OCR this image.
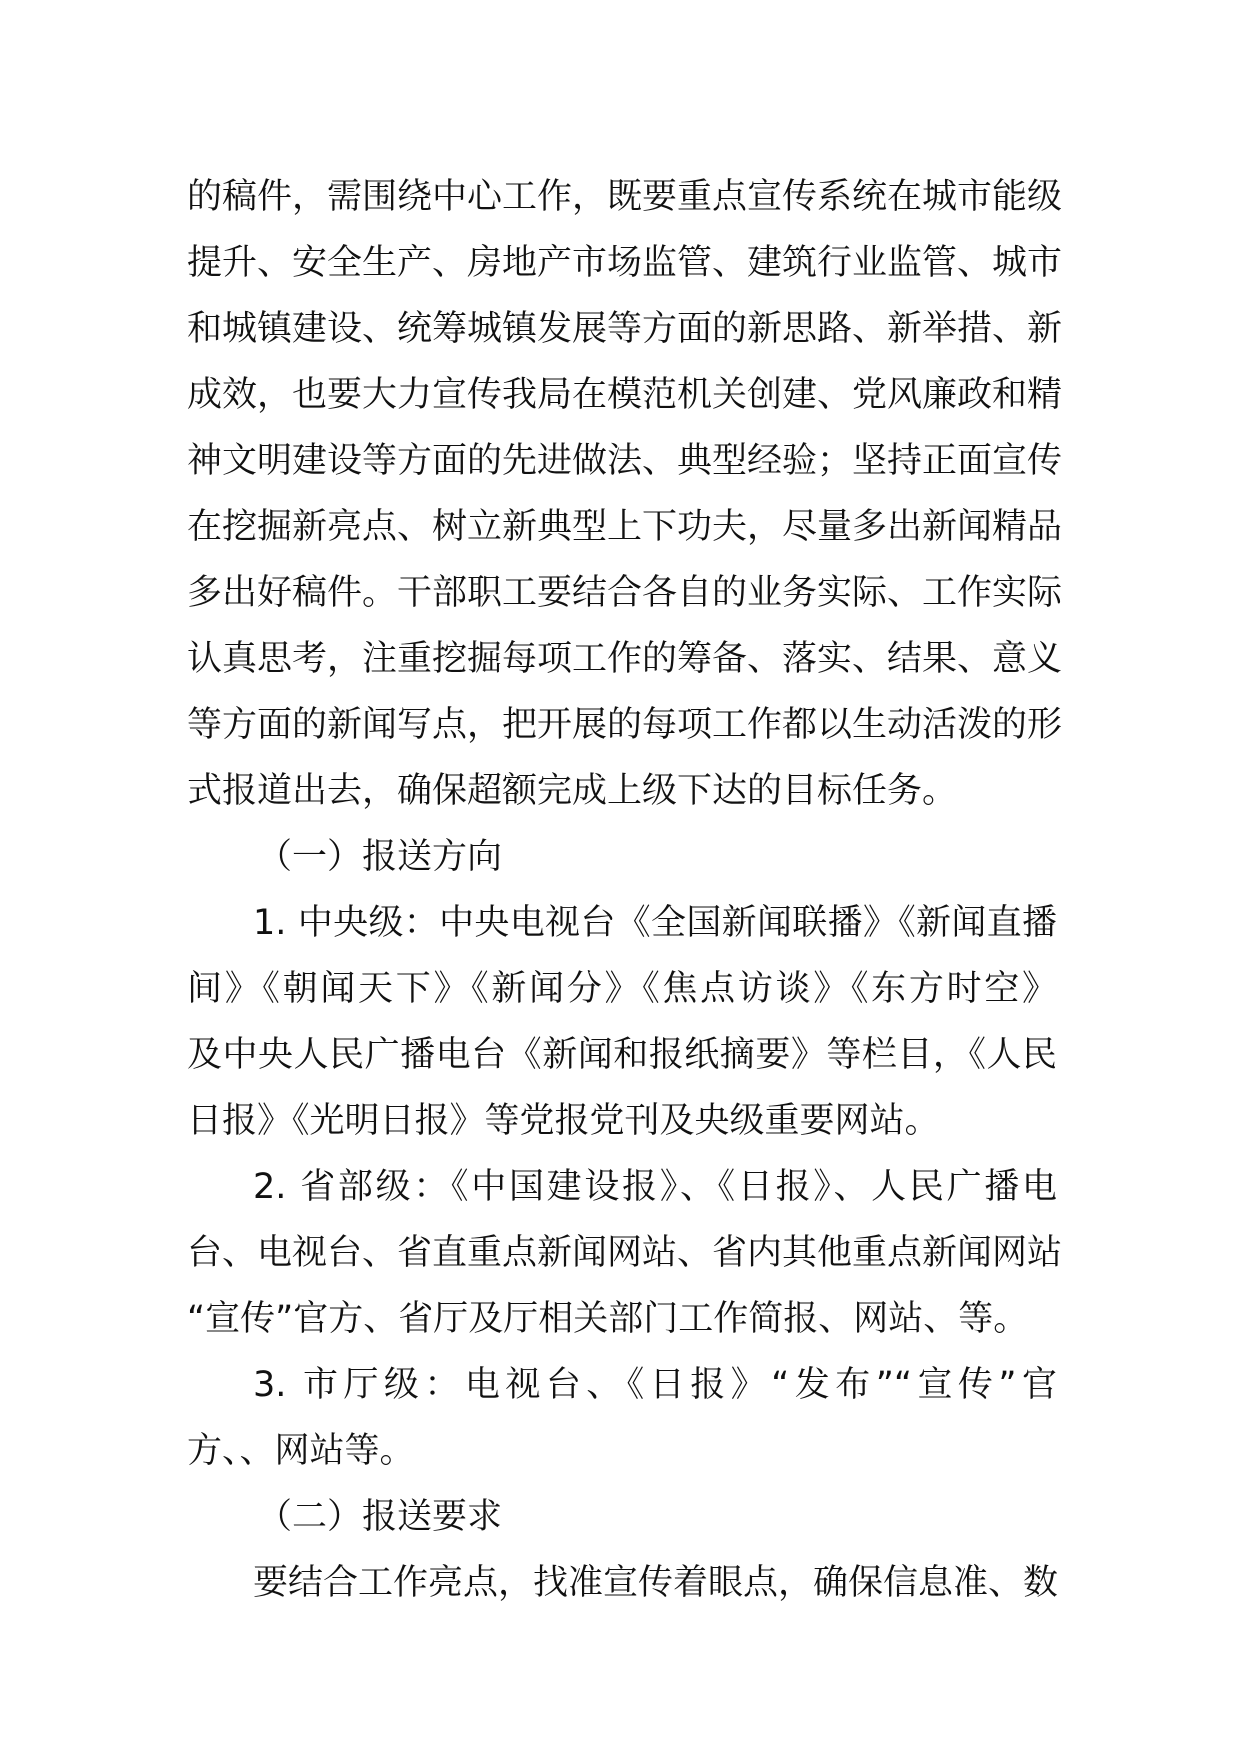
的稿件，需围绕中心工作，既要重点宣传系统在城市能级
提升、安全生产、房地产市场监管、建筑行业监管、城市
和城镇建设、统筹城镇发展等方面的新思路、新举措、新
成效，也要大力宣传我局在模范机关创建、党风廉政和精
神文明建设等方面的先进做法、典型经验；坚持正面宣传
在挖掘新亮点、树立新典型上下功夫，尽量多出新闻精品
多出好稿件。干部职工要结合各自的业务实际、工作实际
认真思考，注重挖掘每项工作的筹备、落实、结果、意义
等方面的新闻写点，把开展的每项工作都以生动活泼的形
式报道出去，确保超额完成上级下达的目标任务。
（一）报送方向
1. 中央级：中央电视台《全国新闻联播》《新闻直播
间》《朝闻天下》《新闻分》《焦点访谈》《东方时空》
及中央人民广播电台《新闻和报纸摘要》等栏目，《人民
日报》《光明日报》等党报党刊及央级重要网站。
2. 省部级：《中国建设报》、《日报》、人民广播电
台、电视台、省直重点新闻网站、省内其他重点新闻网站
“宣传”官方、省厅及厅相关部门工作简报、网站、等。
3. 市厅级：电视台、《日报》“发布”“宣传”官
方、、网站等。
（二）报送要求
要结合工作亮点，找准宣传着眼点，确保信息准、数
